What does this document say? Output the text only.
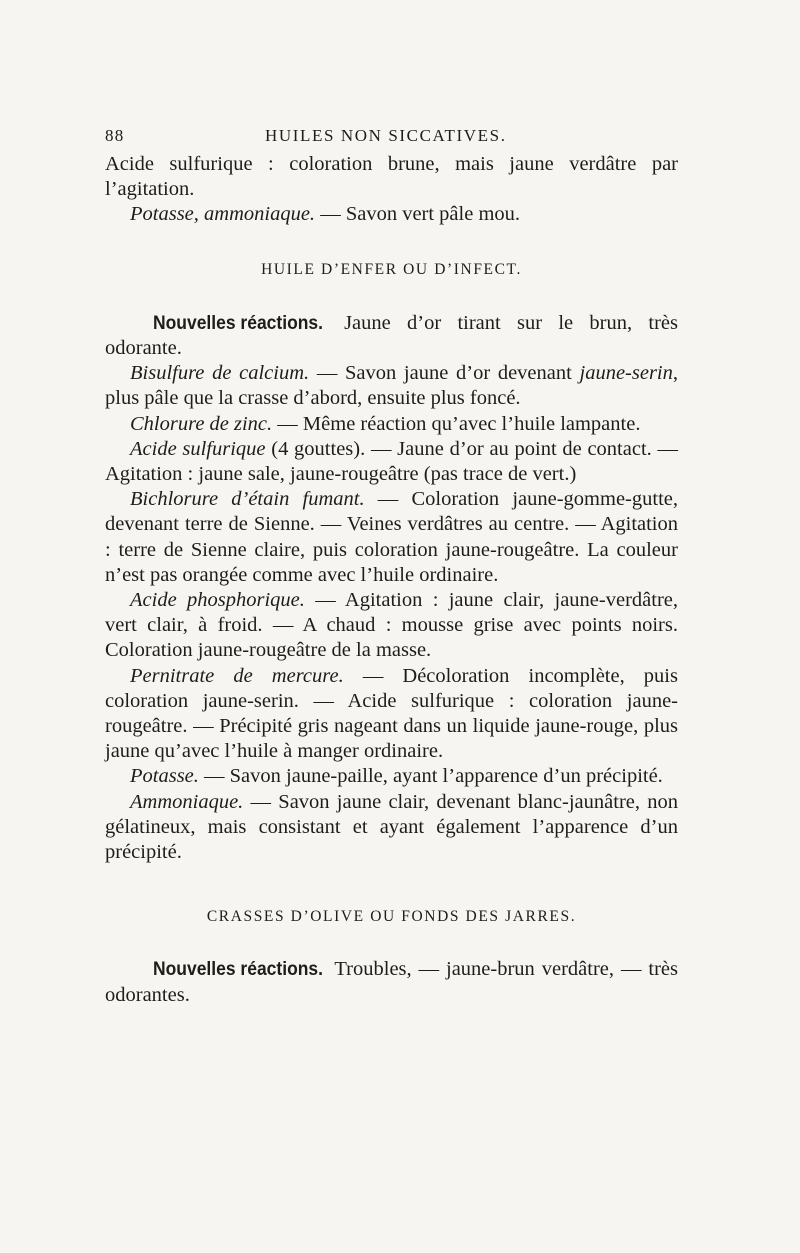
88	HUILES NON SICCATIVES.

Acide sulfurique : coloration brune, mais jaune verdâtre par l’agitation.

Potasse, ammoniaque. — Savon vert pâle mou.

HUILE D’ENFER OU D’INFECT.

Nouvelles réactions. Jaune d’or tirant sur le brun, très odorante.

Bisulfure de calcium. — Savon jaune d’or devenant jaune-serin, plus pâle que la crasse d’abord, ensuite plus foncé.

Chlorure de zinc. — Même réaction qu’avec l’huile lampante.

Acide sulfurique (4 gouttes). — Jaune d’or au point de contact. — Agitation : jaune sale, jaune-rougeâtre (pas trace de vert.)

Bichlorure d’étain fumant. — Coloration jaune-gomme-gutte, devenant terre de Sienne. — Veines verdâtres au centre. — Agitation : terre de Sienne claire, puis coloration jaune-rougeâtre. La couleur n’est pas orangée comme avec l’huile ordinaire.

Acide phosphorique. — Agitation : jaune clair, jaune-verdâtre, vert clair, à froid. — A chaud : mousse grise avec points noirs. Coloration jaune-rougeâtre de la masse.

Pernitrate de mercure. — Décoloration incomplète, puis coloration jaune-serin. — Acide sulfurique : coloration jaune-rougeâtre. — Précipité gris nageant dans un liquide jaune-rouge, plus jaune qu’avec l’huile à manger ordinaire.

Potasse. — Savon jaune-paille, ayant l’apparence d’un précipité.

Ammoniaque. — Savon jaune clair, devenant blanc-jaunâtre, non gélatineux, mais consistant et ayant également l’apparence d’un précipité.

CRASSES D’OLIVE OU FONDS DES JARRES.

Nouvelles réactions. Troubles, — jaune-brun verdâtre, — très odorantes.
